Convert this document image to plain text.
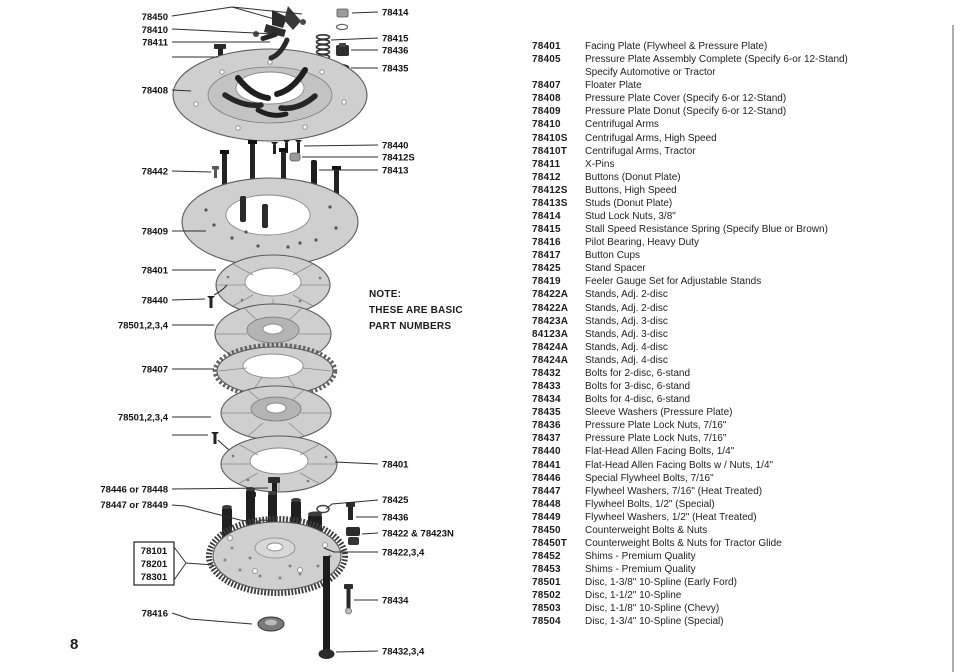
78450
78410
78411
78408
78442
78409
78401
78440
78501,2,3,4
78407
78501,2,3,4
78446 or 78448
78447 or 78449
78101
78201
78301
78416
78414
78415
78436
78435
78440
78412S
78413
78401
78425
78436
78422 & 78423N
78422,3,4
78434
78432,3,4
NOTE:
THESE ARE BASIC
PART NUMBERS
8
78401	Facing Plate (Flywheel & Pressure Plate)
78405	Pressure Plate Assembly Complete (Specify 6-or 12-Stand)
Specify Automotive or Tractor
78407	Floater Plate
78408	Pressure Plate Cover (Specify 6-or 12-Stand)
78409	Pressure Plate Donut (Specify 6-or 12-Stand)
78410	Centrifugal Arms
78410S	Centrifugal Arms, High Speed
78410T	Centrifugal Arms, Tractor
78411	X-Pins
78412	Buttons (Donut Plate)
78412S	Buttons, High Speed
78413S	Studs (Donut Plate)
78414	Stud Lock Nuts, 3/8"
78415	Stall Speed Resistance Spring (Specify Blue or Brown)
78416	Pilot Bearing, Heavy Duty
78417	Button Cups
78425	Stand Spacer
78419	Feeler Gauge Set for Adjustable Stands
78422A	Stands, Adj. 2-disc
78422A	Stands, Adj. 2-disc
78423A	Stands, Adj. 3-disc
84123A	Stands, Adj. 3-disc
78424A	Stands, Adj. 4-disc
78424A	Stands, Adj. 4-disc
78432	Bolts for 2-disc, 6-stand
78433	Bolts for 3-disc, 6-stand
78434	Bolts for 4-disc, 6-stand
78435	Sleeve Washers (Pressure Plate)
78436	Pressure Plate Lock Nuts, 7/16"
78437	Pressure Plate Lock Nuts, 7/16"
78440	Flat-Head Allen Facing Bolts, 1/4"
78441	Flat-Head Allen Facing Bolts w / Nuts, 1/4"
78446	Special Flywheel Bolts, 7/16"
78447	Flywheel Washers, 7/16" (Heat Treated)
78448	Flywheel Bolts, 1/2" (Special)
78449	Flywheel Washers, 1/2" (Heat Treated)
78450	Counterweight Bolts & Nuts
78450T	Counterweight Bolts & Nuts for Tractor Glide
78452	Shims - Premium Quality
78453	Shims - Premium Quality
78501	Disc, 1-3/8" 10-Spline (Early Ford)
78502	Disc, 1-1/2" 10-Spline
78503	Disc, 1-1/8" 10-Spline (Chevy)
78504	Disc, 1-3/4" 10-Spline (Special)
